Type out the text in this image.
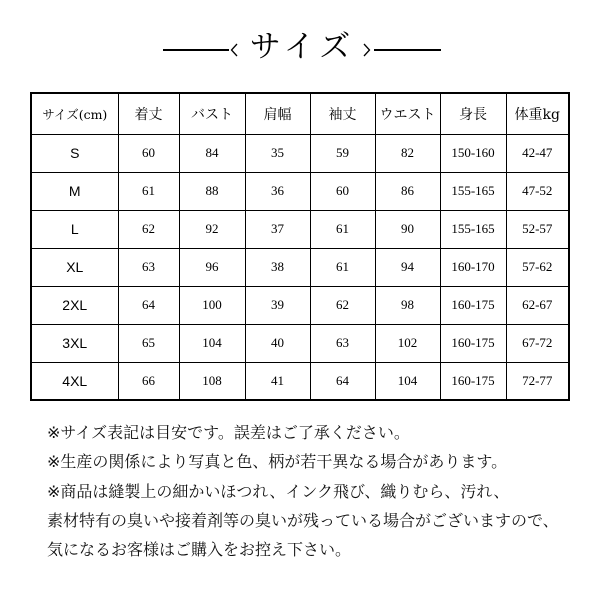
サイズ
サイズ(cm)	着丈	バスト	肩幅	袖丈	ウエスト	身長	体重kg
S	60	84	35	59	82	150-160	42-47
M	61	88	36	60	86	155-165	47-52
L	62	92	37	61	90	155-165	52-57
XL	63	96	38	61	94	160-170	57-62
2XL	64	100	39	62	98	160-175	62-67
3XL	65	104	40	63	102	160-175	67-72
4XL	66	108	41	64	104	160-175	72-77

※サイズ表記は目安です。誤差はご了承ください。

※生産の関係により写真と色、柄が若干異なる場合があります。

※商品は縫製上の細かいほつれ、インク飛び、織りむら、汚れ、

素材特有の臭いや接着剤等の臭いが残っている場合がございますので、

気になるお客様はご購入をお控え下さい。
